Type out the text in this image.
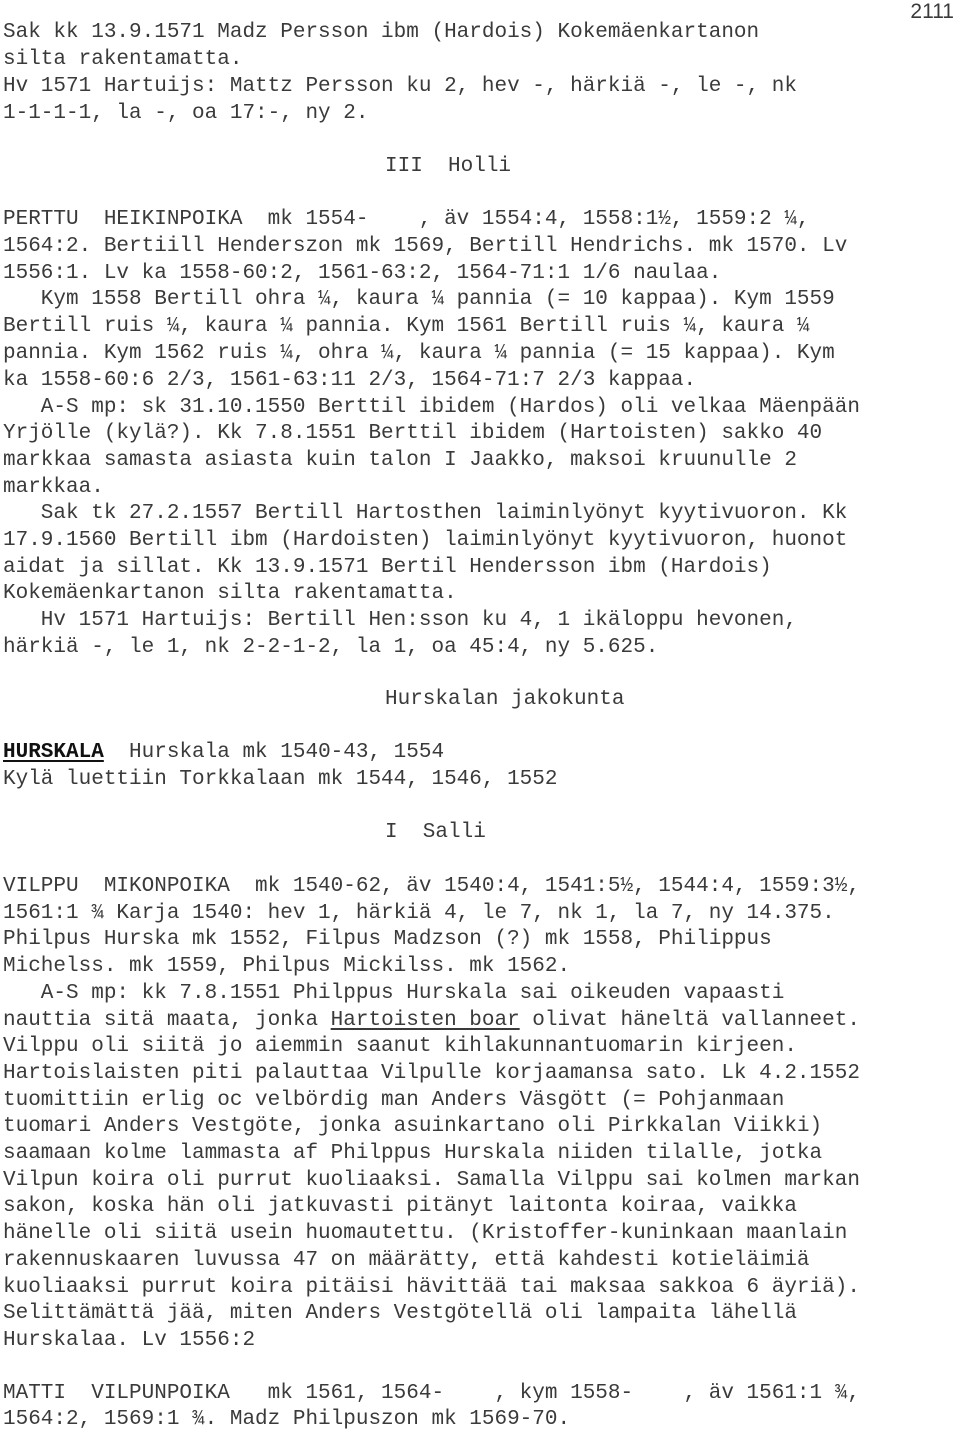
2111
Sak kk 13.9.1571 Madz Persson ibm (Hardois) Kokemäenkartanon
silta rakentamatta.
Hv 1571 Hartuijs: Mattz Persson ku 2, hev -, härkiä -, le -, nk
1-1-1-1, la -, oa 17:-, ny 2.
III  Holli
PERTTU  HEIKINPOIKA  mk 1554-    , äv 1554:4, 1558:1½, 1559:2 ¼,
1564:2. Bertiill Henderszon mk 1569, Bertill Hendrichs. mk 1570. Lv
1556:1. Lv ka 1558-60:2, 1561-63:2, 1564-71:1 1/6 naulaa.
Kym 1558 Bertill ohra ¼, kaura ¼ pannia (= 10 kappaa). Kym 1559
Bertill ruis ¼, kaura ¼ pannia. Kym 1561 Bertill ruis ¼, kaura ¼
pannia. Kym 1562 ruis ¼, ohra ¼, kaura ¼ pannia (= 15 kappaa). Kym
ka 1558-60:6 2/3, 1561-63:11 2/3, 1564-71:7 2/3 kappaa.
A-S mp: sk 31.10.1550 Berttil ibidem (Hardos) oli velkaa Mäenpään
Yrjölle (kylä?). Kk 7.8.1551 Berttil ibidem (Hartoisten) sakko 40
markkaa samasta asiasta kuin talon I Jaakko, maksoi kruunulle 2
markkaa.
Sak tk 27.2.1557 Bertill Hartosthen laiminlyönyt kyytivuoron. Kk
17.9.1560 Bertill ibm (Hardoisten) laiminlyönyt kyytivuoron, huonot
aidat ja sillat. Kk 13.9.1571 Bertil Hendersson ibm (Hardois)
Kokemäenkartanon silta rakentamatta.
Hv 1571 Hartuijs: Bertill Hen:sson ku 4, 1 ikäloppu hevonen,
härkiä -, le 1, nk 2-2-1-2, la 1, oa 45:4, ny 5.625.
Hurskalan jakokunta
HURSKALA  Hurskala mk 1540-43, 1554
Kylä luettiin Torkkalaan mk 1544, 1546, 1552
I  Salli
VILPPU  MIKONPOIKA  mk 1540-62, äv 1540:4, 1541:5½, 1544:4, 1559:3½,
1561:1 ¾ Karja 1540: hev 1, härkiä 4, le 7, nk 1, la 7, ny 14.375.
Philpus Hurska mk 1552, Filpus Madzson (?) mk 1558, Philippus
Michelss. mk 1559, Philpus Mickilss. mk 1562.
A-S mp: kk 7.8.1551 Philppus Hurskala sai oikeuden vapaasti
nauttia sitä maata, jonka Hartoisten boar olivat häneltä vallanneet.
Vilppu oli siitä jo aiemmin saanut kihlakunnantuomarin kirjeen.
Hartoislaisten piti palauttaa Vilpulle korjaamansa sato. Lk 4.2.1552
tuomittiin erlig oc velbördig man Anders Väsgött (= Pohjanmaan
tuomari Anders Vestgöte, jonka asuinkartano oli Pirkkalan Viikki)
saamaan kolme lammasta af Philppus Hurskala niiden tilalle, jotka
Vilpun koira oli purrut kuoliaaksi. Samalla Vilppu sai kolmen markan
sakon, koska hän oli jatkuvasti pitänyt laitonta koiraa, vaikka
hänelle oli siitä usein huomautettu. (Kristoffer-kuninkaan maanlain
rakennuskaaren luvussa 47 on määrätty, että kahdesti kotieläimiä
kuoliaaksi purrut koira pitäisi hävittää tai maksaa sakkoa 6 äyriä).
Selittämättä jää, miten Anders Vestgötellä oli lampaita lähellä
Hurskalaa. Lv 1556:2
MATTI  VILPUNPOIKA   mk 1561, 1564-    , kym 1558-    , äv 1561:1 ¾,
1564:2, 1569:1 ¾. Madz Philpuszon mk 1569-70.
